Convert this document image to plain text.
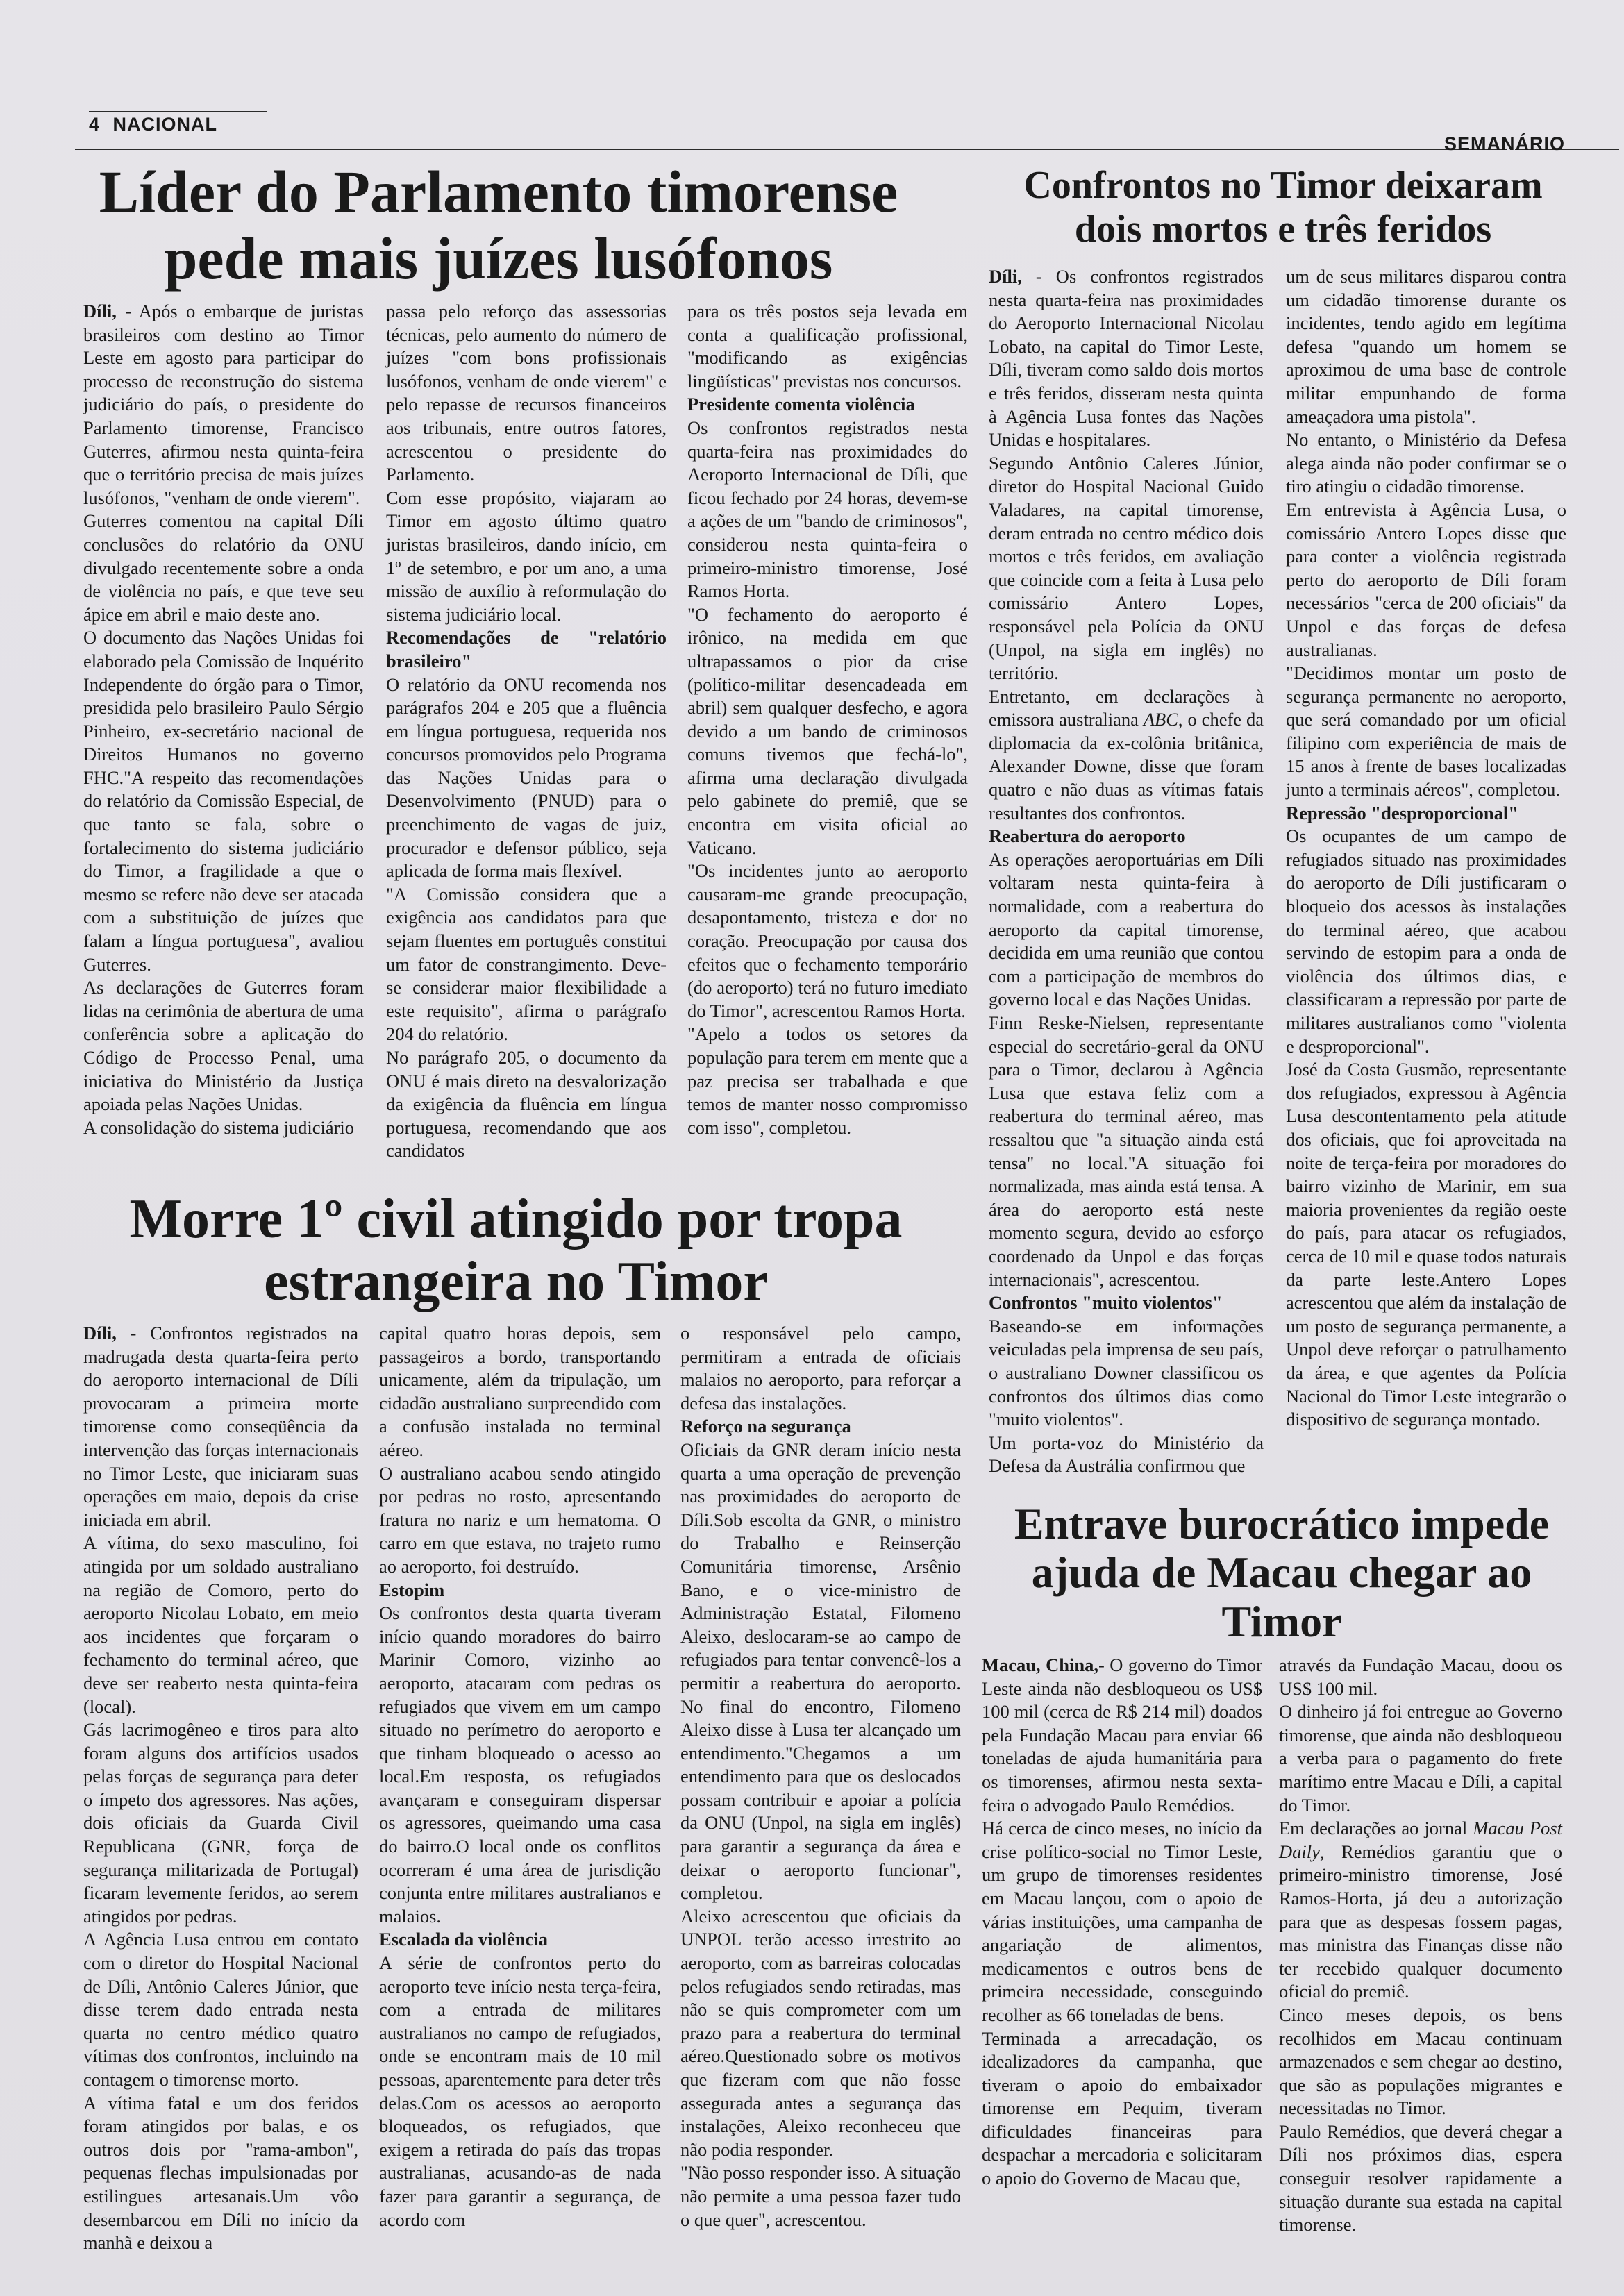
4 NACIONAL
SEMANÁRIO
Líder do Parlamento timorense
pede mais juízes lusófonos

Díli, - Após o embarque de juristas brasileiros com destino ao Timor Leste em agosto para participar do processo de reconstrução do sistema judiciário do país, o presidente do Parlamento timorense, Francisco Guterres, afirmou nesta quinta-feira que o território precisa de mais juízes lusófonos, "venham de onde vierem".

Guterres comentou na capital Díli conclusões do relatório da ONU divulgado recentemente sobre a onda de violência no país, e que teve seu ápice em abril e maio deste ano.

O documento das Nações Unidas foi elaborado pela Comissão de Inquérito Independente do órgão para o Timor, presidida pelo brasileiro Paulo Sérgio Pinheiro, ex-secretário nacional de Direitos Humanos no governo FHC."A respeito das recomendações do relatório da Comissão Especial, de que tanto se fala, sobre o fortalecimento do sistema judiciário do Timor, a fragilidade a que o mesmo se refere não deve ser atacada com a substituição de juízes que falam a língua portuguesa", avaliou Guterres.

As declarações de Guterres foram lidas na cerimônia de abertura de uma conferência sobre a aplicação do Código de Processo Penal, uma iniciativa do Ministério da Justiça apoiada pelas Nações Unidas.

A consolidação do sistema judiciário

passa pelo reforço das assessorias técnicas, pelo aumento do número de juízes "com bons profissionais lusófonos, venham de onde vierem" e pelo repasse de recursos financeiros aos tribunais, entre outros fatores, acrescentou o presidente do Parlamento.

Com esse propósito, viajaram ao Timor em agosto último quatro juristas brasileiros, dando início, em 1º de setembro, e por um ano, a uma missão de auxílio à reformulação do sistema judiciário local.

Recomendações de "relatório brasileiro"

O relatório da ONU recomenda nos parágrafos 204 e 205 que a fluência em língua portuguesa, requerida nos concursos promovidos pelo Programa das Nações Unidas para o Desenvolvimento (PNUD) para o preenchimento de vagas de juiz, procurador e defensor público, seja aplicada de forma mais flexível.

"A Comissão considera que a exigência aos candidatos para que sejam fluentes em português constitui um fator de constrangimento. Deve-se considerar maior flexibilidade a este requisito", afirma o parágrafo 204 do relatório.

No parágrafo 205, o documento da ONU é mais direto na desvalorização da exigência da fluência em língua portuguesa, recomendando que aos candidatos

para os três postos seja levada em conta a qualificação profissional, "modificando as exigências lingüísticas" previstas nos concursos.

Presidente comenta violência

Os confrontos registrados nesta quarta-feira nas proximidades do Aeroporto Internacional de Díli, que ficou fechado por 24 horas, devem-se a ações de um "bando de criminosos", considerou nesta quinta-feira o primeiro-ministro timorense, José Ramos Horta.

"O fechamento do aeroporto é irônico, na medida em que ultrapassamos o pior da crise (político-militar desencadeada em abril) sem qualquer desfecho, e agora devido a um bando de criminosos comuns tivemos que fechá-lo", afirma uma declaração divulgada pelo gabinete do premiê, que se encontra em visita oficial ao Vaticano.

"Os incidentes junto ao aeroporto causaram-me grande preocupação, desapontamento, tristeza e dor no coração. Preocupação por causa dos efeitos que o fechamento temporário (do aeroporto) terá no futuro imediato do Timor", acrescentou Ramos Horta.

"Apelo a todos os setores da população para terem em mente que a paz precisa ser trabalhada e que temos de manter nosso compromisso com isso", completou.

Confrontos no Timor deixaram
dois mortos e três feridos

Díli, - Os confrontos registrados nesta quarta-feira nas proximidades do Aeroporto Internacional Nicolau Lobato, na capital do Timor Leste, Díli, tiveram como saldo dois mortos e três feridos, disseram nesta quinta à Agência Lusa fontes das Nações Unidas e hospitalares.

Segundo Antônio Caleres Júnior, diretor do Hospital Nacional Guido Valadares, na capital timorense, deram entrada no centro médico dois mortos e três feridos, em avaliação que coincide com a feita à Lusa pelo comissário Antero Lopes, responsável pela Polícia da ONU (Unpol, na sigla em inglês) no território.

Entretanto, em declarações à emissora australiana ABC, o chefe da diplomacia da ex-colônia britânica, Alexander Downe, disse que foram quatro e não duas as vítimas fatais resultantes dos confrontos.

Reabertura do aeroporto

As operações aeroportuárias em Díli voltaram nesta quinta-feira à normalidade, com a reabertura do aeroporto da capital timorense, decidida em uma reunião que contou com a participação de membros do governo local e das Nações Unidas.

Finn Reske-Nielsen, representante especial do secretário-geral da ONU para o Timor, declarou à Agência Lusa que estava feliz com a reabertura do terminal aéreo, mas ressaltou que "a situação ainda está tensa" no local."A situação foi normalizada, mas ainda está tensa. A área do aeroporto está neste momento segura, devido ao esforço coordenado da Unpol e das forças internacionais", acrescentou.

Confrontos "muito violentos"

Baseando-se em informações veiculadas pela imprensa de seu país, o australiano Downer classificou os confrontos dos últimos dias como "muito violentos".

Um porta-voz do Ministério da Defesa da Austrália confirmou que

um de seus militares disparou contra um cidadão timorense durante os incidentes, tendo agido em legítima defesa "quando um homem se aproximou de uma base de controle militar empunhando de forma ameaçadora uma pistola".

No entanto, o Ministério da Defesa alega ainda não poder confirmar se o tiro atingiu o cidadão timorense.

Em entrevista à Agência Lusa, o comissário Antero Lopes disse que para conter a violência registrada perto do aeroporto de Díli foram necessários "cerca de 200 oficiais" da Unpol e das forças de defesa australianas.

"Decidimos montar um posto de segurança permanente no aeroporto, que será comandado por um oficial filipino com experiência de mais de 15 anos à frente de bases localizadas junto a terminais aéreos", completou.

Repressão "desproporcional"

Os ocupantes de um campo de refugiados situado nas proximidades do aeroporto de Díli justificaram o bloqueio dos acessos às instalações do terminal aéreo, que acabou servindo de estopim para a onda de violência dos últimos dias, e classificaram a repressão por parte de militares australianos como "violenta e desproporcional".

José da Costa Gusmão, representante dos refugiados, expressou à Agência Lusa descontentamento pela atitude dos oficiais, que foi aproveitada na noite de terça-feira por moradores do bairro vizinho de Marinir, em sua maioria provenientes da região oeste do país, para atacar os refugiados, cerca de 10 mil e quase todos naturais da parte leste.Antero Lopes acrescentou que além da instalação de um posto de segurança permanente, a Unpol deve reforçar o patrulhamento da área, e que agentes da Polícia Nacional do Timor Leste integrarão o dispositivo de segurança montado.

Morre 1º civil atingido por tropa
estrangeira no Timor

Díli, - Confrontos registrados na madrugada desta quarta-feira perto do aeroporto internacional de Díli provocaram a primeira morte timorense como conseqüência da intervenção das forças internacionais no Timor Leste, que iniciaram suas operações em maio, depois da crise iniciada em abril.

A vítima, do sexo masculino, foi atingida por um soldado australiano na região de Comoro, perto do aeroporto Nicolau Lobato, em meio aos incidentes que forçaram o fechamento do terminal aéreo, que deve ser reaberto nesta quinta-feira (local).

Gás lacrimogêneo e tiros para alto foram alguns dos artifícios usados pelas forças de segurança para deter o ímpeto dos agressores. Nas ações, dois oficiais da Guarda Civil Republicana (GNR, força de segurança militarizada de Portugal) ficaram levemente feridos, ao serem atingidos por pedras.

A Agência Lusa entrou em contato com o diretor do Hospital Nacional de Díli, Antônio Caleres Júnior, que disse terem dado entrada nesta quarta no centro médico quatro vítimas dos confrontos, incluindo na contagem o timorense morto.

A vítima fatal e um dos feridos foram atingidos por balas, e os outros dois por "rama-ambon", pequenas flechas impulsionadas por estilingues artesanais.Um vôo desembarcou em Díli no início da manhã e deixou a

capital quatro horas depois, sem passageiros a bordo, transportando unicamente, além da tripulação, um cidadão australiano surpreendido com a confusão instalada no terminal aéreo.

O australiano acabou sendo atingido por pedras no rosto, apresentando fratura no nariz e um hematoma. O carro em que estava, no trajeto rumo ao aeroporto, foi destruído.

Estopim

Os confrontos desta quarta tiveram início quando moradores do bairro Marinir Comoro, vizinho ao aeroporto, atacaram com pedras os refugiados que vivem em um campo situado no perímetro do aeroporto e que tinham bloqueado o acesso ao local.Em resposta, os refugiados avançaram e conseguiram dispersar os agressores, queimando uma casa do bairro.O local onde os conflitos ocorreram é uma área de jurisdição conjunta entre militares australianos e malaios.

Escalada da violência

A série de confrontos perto do aeroporto teve início nesta terça-feira, com a entrada de militares australianos no campo de refugiados, onde se encontram mais de 10 mil pessoas, aparentemente para deter três delas.Com os acessos ao aeroporto bloqueados, os refugiados, que exigem a retirada do país das tropas australianas, acusando-as de nada fazer para garantir a segurança, de acordo com

o responsável pelo campo, permitiram a entrada de oficiais malaios no aeroporto, para reforçar a defesa das instalações.

Reforço na segurança

Oficiais da GNR deram início nesta quarta a uma operação de prevenção nas proximidades do aeroporto de Díli.Sob escolta da GNR, o ministro do Trabalho e Reinserção Comunitária timorense, Arsênio Bano, e o vice-ministro de Administração Estatal, Filomeno Aleixo, deslocaram-se ao campo de refugiados para tentar convencê-los a permitir a reabertura do aeroporto. No final do encontro, Filomeno Aleixo disse à Lusa ter alcançado um entendimento."Chegamos a um entendimento para que os deslocados possam contribuir e apoiar a polícia da ONU (Unpol, na sigla em inglês) para garantir a segurança da área e deixar o aeroporto funcionar", completou.

Aleixo acrescentou que oficiais da UNPOL terão acesso irrestrito ao aeroporto, com as barreiras colocadas pelos refugiados sendo retiradas, mas não se quis comprometer com um prazo para a reabertura do terminal aéreo.Questionado sobre os motivos que fizeram com que não fosse assegurada antes a segurança das instalações, Aleixo reconheceu que não podia responder.

"Não posso responder isso. A situação não permite a uma pessoa fazer tudo o que quer", acrescentou.

Entrave burocrático impede
ajuda de Macau chegar ao
Timor

Macau, China,- O governo do Timor Leste ainda não desbloqueou os US$ 100 mil (cerca de R$ 214 mil) doados pela Fundação Macau para enviar 66 toneladas de ajuda humanitária para os timorenses, afirmou nesta sexta-feira o advogado Paulo Remédios.

Há cerca de cinco meses, no início da crise político-social no Timor Leste, um grupo de timorenses residentes em Macau lançou, com o apoio de várias instituições, uma campanha de angariação de alimentos, medicamentos e outros bens de primeira necessidade, conseguindo recolher as 66 toneladas de bens.

Terminada a arrecadação, os idealizadores da campanha, que tiveram o apoio do embaixador timorense em Pequim, tiveram dificuldades financeiras para despachar a mercadoria e solicitaram o apoio do Governo de Macau que,

através da Fundação Macau, doou os US$ 100 mil.

O dinheiro já foi entregue ao Governo timorense, que ainda não desbloqueou a verba para o pagamento do frete marítimo entre Macau e Díli, a capital do Timor.

Em declarações ao jornal Macau Post Daily, Remédios garantiu que o primeiro-ministro timorense, José Ramos-Horta, já deu a autorização para que as despesas fossem pagas, mas ministra das Finanças disse não ter recebido qualquer documento oficial do premiê.

Cinco meses depois, os bens recolhidos em Macau continuam armazenados e sem chegar ao destino, que são as populações migrantes e necessitadas no Timor.

Paulo Remédios, que deverá chegar a Díli nos próximos dias, espera conseguir resolver rapidamente a situação durante sua estada na capital timorense.
